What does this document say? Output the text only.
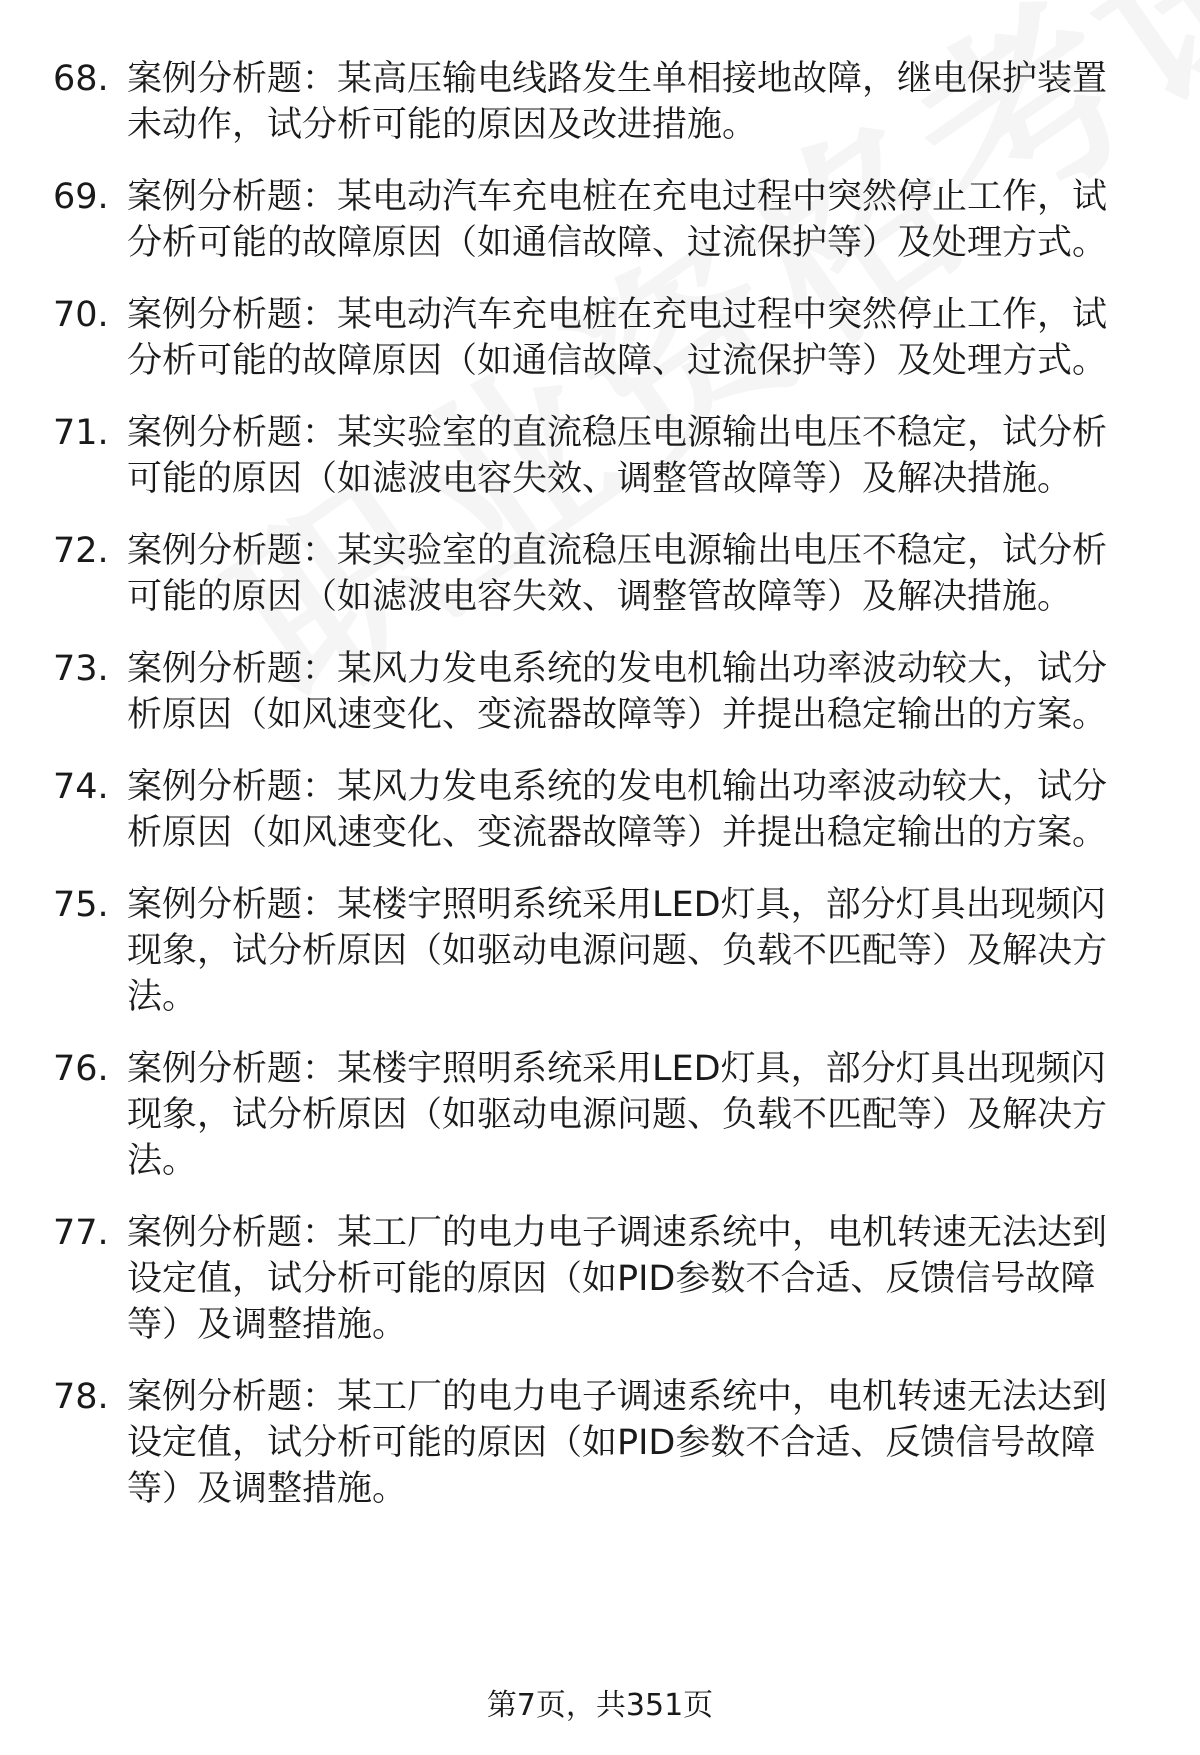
68. 案例分析题：某高压输电线路发生单相接地故障，继电保护装置未动作，试分析可能的原因及改进措施。
69. 案例分析题：某电动汽车充电桩在充电过程中突然停止工作，试分析可能的故障原因（如通信故障、过流保护等）及处理方式。
70. 案例分析题：某电动汽车充电桩在充电过程中突然停止工作，试分析可能的故障原因（如通信故障、过流保护等）及处理方式。
71. 案例分析题：某实验室的直流稳压电源输出电压不稳定，试分析可能的原因（如滤波电容失效、调整管故障等）及解决措施。
72. 案例分析题：某实验室的直流稳压电源输出电压不稳定，试分析可能的原因（如滤波电容失效、调整管故障等）及解决措施。
73. 案例分析题：某风力发电系统的发电机输出功率波动较大，试分析原因（如风速变化、变流器故障等）并提出稳定输出的方案。
74. 案例分析题：某风力发电系统的发电机输出功率波动较大，试分析原因（如风速变化、变流器故障等）并提出稳定输出的方案。
75. 案例分析题：某楼宇照明系统采用LED灯具，部分灯具出现频闪现象，试分析原因（如驱动电源问题、负载不匹配等）及解决方法。
76. 案例分析题：某楼宇照明系统采用LED灯具，部分灯具出现频闪现象，试分析原因（如驱动电源问题、负载不匹配等）及解决方法。
77. 案例分析题：某工厂的电力电子调速系统中，电机转速无法达到设定值，试分析可能的原因（如PID参数不合适、反馈信号故障等）及调整措施。
78. 案例分析题：某工厂的电力电子调速系统中，电机转速无法达到设定值，试分析可能的原因（如PID参数不合适、反馈信号故障等）及调整措施。
第7页，共351页
